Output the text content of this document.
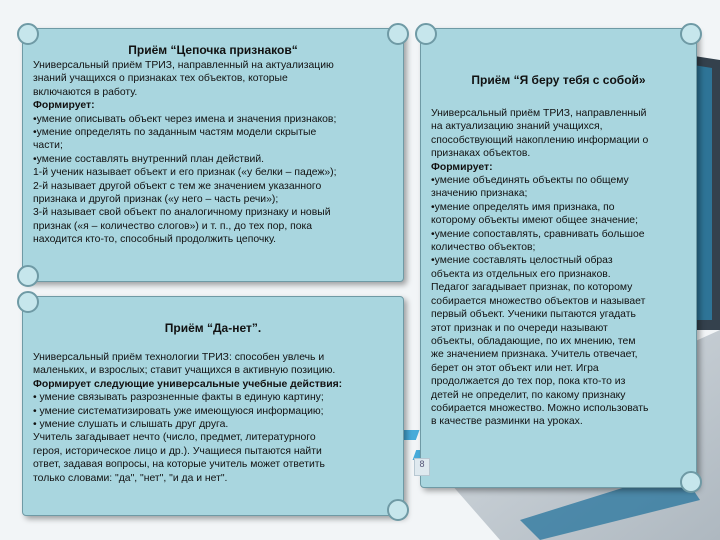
Приём “Цепочка признаков“
Универсальный приём ТРИЗ, направленный на актуализацию
знаний учащихся о признаках тех объектов, которые
включаются в работу.
Формирует:
•умение описывать объект через имена и значения признаков;
•умение определять по заданным частям модели скрытые
части;
•умение составлять внутренний план действий.
1-й ученик называет объект и его признак («у белки – падеж»);
2-й называет другой объект с тем же значением указанного
признака и другой признак («у него – часть речи»);
3-й называет свой объект по аналогичному признаку и новый
признак («я – количество слогов») и т. п., до тех пор, пока
находится кто-то, способный продолжить цепочку.
Приём “Да-нет”.
Универсальный приём технологии ТРИЗ: способен увлечь и
маленьких, и взрослых; ставит учащихся в активную позицию.
Формирует следующие универсальные учебные действия:
• умение связывать разрозненные факты в единую картину;
• умение систематизировать уже имеющуюся информацию;
• умение слушать и слышать друг друга.
Учитель загадывает нечто (число, предмет, литературного
героя, историческое лицо и др.). Учащиеся пытаются найти
ответ, задавая вопросы, на которые учитель может ответить
только словами: "да", "нет", "и да и нет".
Приём “Я беру тебя с собой»
Универсальный приём ТРИЗ, направленный
на актуализацию знаний учащихся,
способствующий накоплению информации о
признаках объектов.
Формирует:
•умение объединять объекты по общему
значению признака;
•умение определять имя признака, по
которому объекты имеют общее значение;
•умение сопоставлять, сравнивать большое
количество объектов;
•умение составлять целостный образ
объекта из отдельных его признаков.
Педагог загадывает признак, по которому
собирается множество объектов и называет
первый объект. Ученики пытаются угадать
этот признак и по очереди называют
объекты, обладающие, по их мнению, тем
же значением признака. Учитель отвечает,
берет он этот объект или нет. Игра
продолжается до тех пор, пока кто-то из
детей не определит, по какому признаку
собирается множество. Можно использовать
в качестве разминки на уроках.
8
